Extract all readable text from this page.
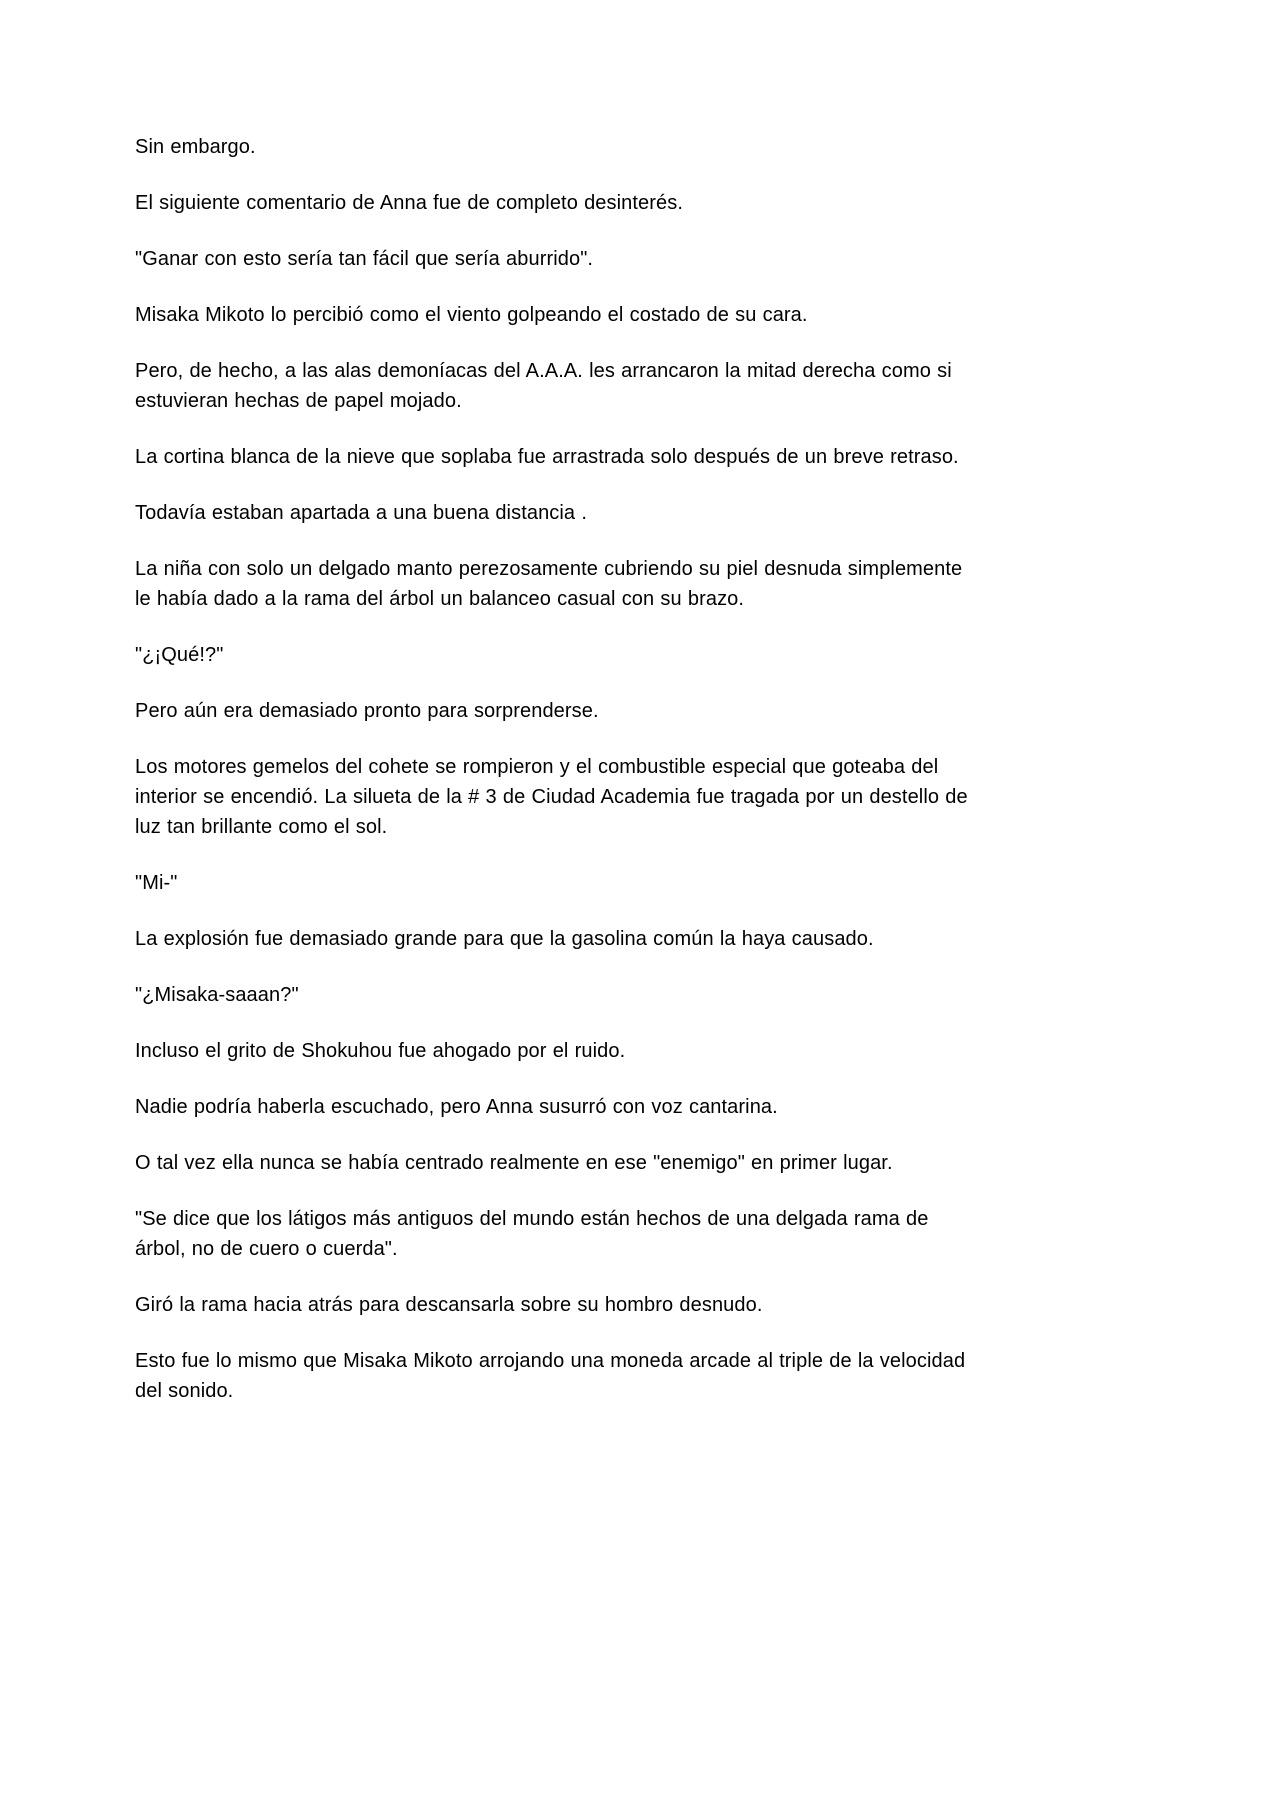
Sin embargo.

El siguiente comentario de Anna fue de completo desinterés.

"Ganar con esto sería tan fácil que sería aburrido".

Misaka Mikoto lo percibió como el viento golpeando el costado de su cara.

Pero, de hecho, a las alas demoníacas del A.A.A. les arrancaron la mitad derecha como si estuvieran hechas de papel mojado.

La cortina blanca de la nieve que soplaba fue arrastrada solo después de un breve retraso.

Todavía estaban apartada a una buena distancia .

La niña con solo un delgado manto perezosamente cubriendo su piel desnuda simplemente le había dado a la rama del árbol un balanceo casual con su brazo.

"¿¡Qué!?"

Pero aún era demasiado pronto para sorprenderse.

Los motores gemelos del cohete se rompieron y el combustible especial que goteaba del interior se encendió. La silueta de la # 3 de Ciudad Academia fue tragada por un destello de luz tan brillante como el sol.

"Mi-"

La explosión fue demasiado grande para que la gasolina común la haya causado.

"¿Misaka-saaan?"

Incluso el grito de Shokuhou fue ahogado por el ruido.

Nadie podría haberla escuchado, pero Anna susurró con voz cantarina.

O tal vez ella nunca se había centrado realmente en ese "enemigo" en primer lugar.

"Se dice que los látigos más antiguos del mundo están hechos de una delgada rama de árbol, no de cuero o cuerda".

Giró la rama hacia atrás para descansarla sobre su hombro desnudo.

Esto fue lo mismo que Misaka Mikoto arrojando una moneda arcade al triple de la velocidad del sonido.
